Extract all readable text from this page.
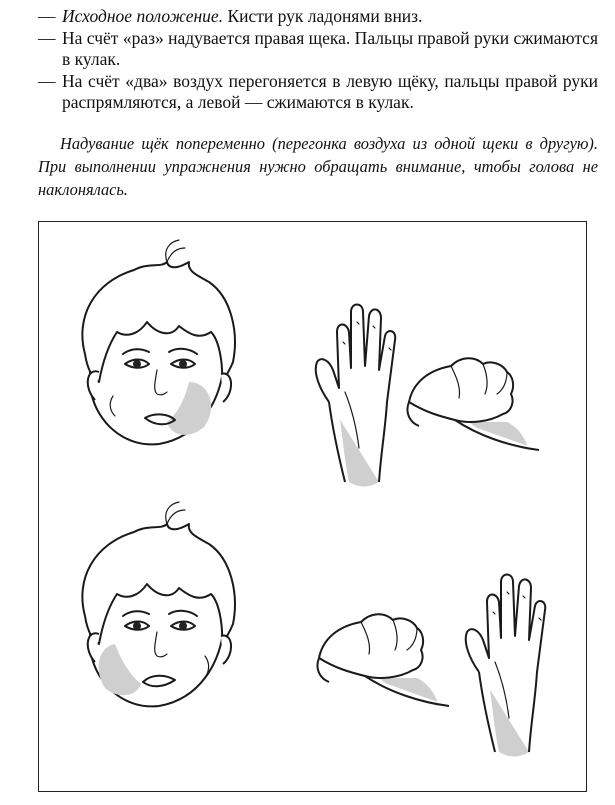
— Исходное положение. Кисти рук ладонями вниз.
— На счёт «раз» надувается правая щека. Пальцы правой руки сжимаются в кулак.
— На счёт «два» воздух перегоняется в левую щёку, пальцы правой руки распрямляются, а левой — сжимаются в кулак.

Надувание щёк попеременно (перегонка воздуха из одной щеки в другую). При выполнении упражнения нужно обращать внимание, чтобы голова не наклонялась.
